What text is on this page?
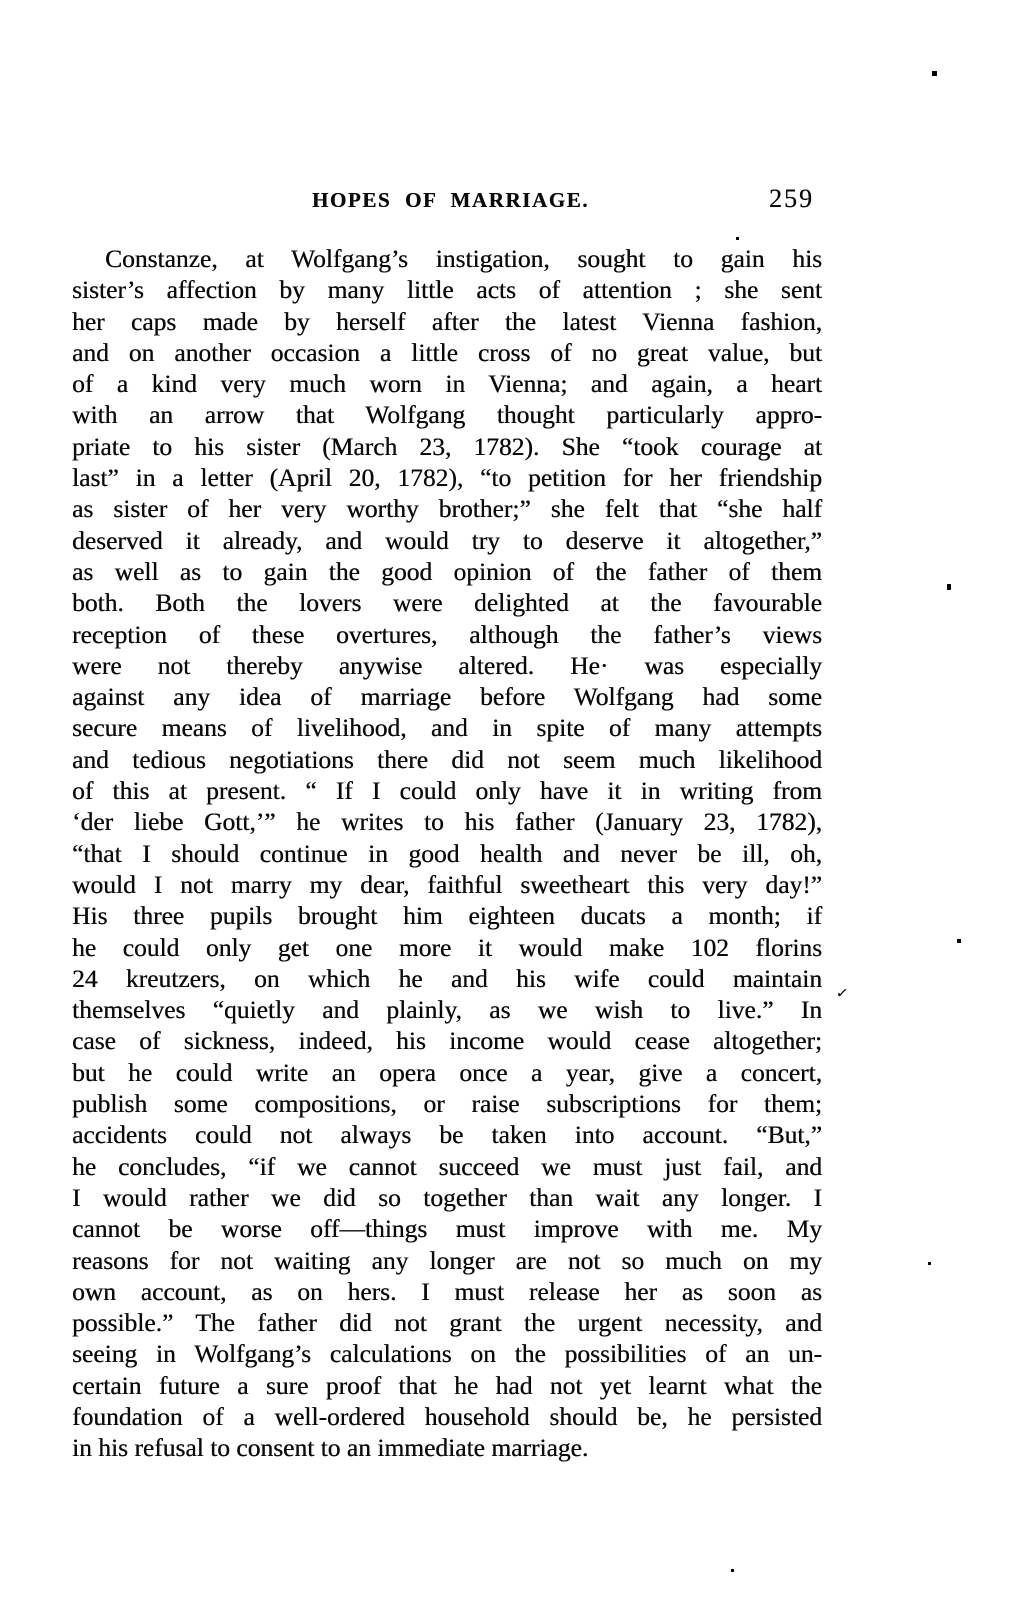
HOPES OF MARRIAGE.	259
Constanze, at Wolfgang’s instigation, sought to gain his
sister’s affection by many little acts of attention ; she sent
her caps made by herself after the latest Vienna fashion,
and on another occasion a little cross of no great value, but
of a kind very much worn in Vienna; and again, a heart
with an arrow that Wolfgang thought particularly appro-
priate to his sister (March 23, 1782). She “took courage at
last” in a letter (April 20, 1782), “to petition for her friendship
as sister of her very worthy brother;” she felt that “she half
deserved it already, and would try to deserve it altogether,”
as well as to gain the good opinion of the father of them
both. Both the lovers were delighted at the favourable
reception of these overtures, although the father’s views
were not thereby anywise altered. He· was especially
against any idea of marriage before Wolfgang had some
secure means of livelihood, and in spite of many attempts
and tedious negotiations there did not seem much likelihood
of this at present. “ If I could only have it in writing from
‘der liebe Gott,’” he writes to his father (January 23, 1782),
“that I should continue in good health and never be ill, oh,
would I not marry my dear, faithful sweetheart this very day!”
His three pupils brought him eighteen ducats a month; if
he could only get one more it would make 102 florins
24 kreutzers, on which he and his wife could maintain
themselves “quietly and plainly, as we wish to live.” In
case of sickness, indeed, his income would cease altogether;
but he could write an opera once a year, give a concert,
publish some compositions, or raise subscriptions for them;
accidents could not always be taken into account. “But,”
he concludes, “if we cannot succeed we must just fail, and
I would rather we did so together than wait any longer. I
cannot be worse off—things must improve with me. My
reasons for not waiting any longer are not so much on my
own account, as on hers. I must release her as soon as
possible.” The father did not grant the urgent necessity, and
seeing in Wolfgang’s calculations on the possibilities of an un-
certain future a sure proof that he had not yet learnt what the
foundation of a well-ordered household should be, he persisted
in his refusal to consent to an immediate marriage.
✓
